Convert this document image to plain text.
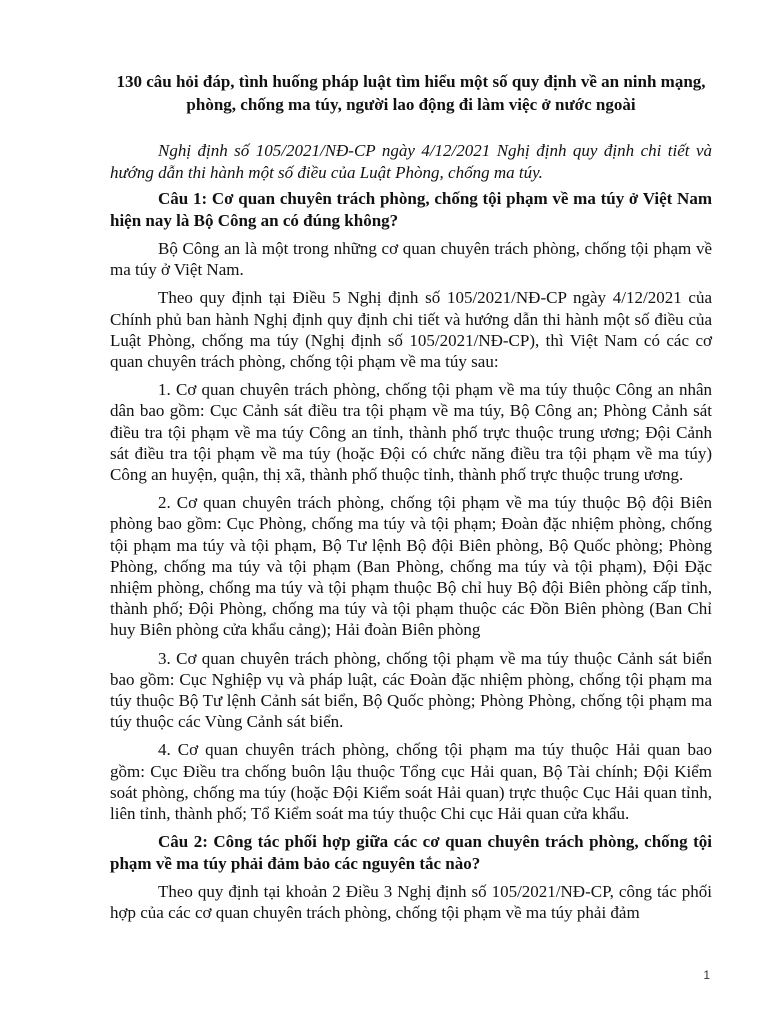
130 câu hỏi đáp, tình huống pháp luật tìm hiểu một số quy định về an ninh mạng, phòng, chống ma túy, người lao động đi làm việc ở nước ngoài
Nghị định số 105/2021/NĐ-CP ngày 4/12/2021 Nghị định quy định chi tiết và hướng dẫn thi hành một số điều của Luật Phòng, chống ma túy.
Câu 1: Cơ quan chuyên trách phòng, chống tội phạm về ma túy ở Việt Nam hiện nay là Bộ Công an có đúng không?
Bộ Công an là một trong những cơ quan chuyên trách phòng, chống tội phạm về ma túy ở Việt Nam.
Theo quy định tại Điều 5 Nghị định số 105/2021/NĐ-CP ngày 4/12/2021 của Chính phủ ban hành Nghị định quy định chi tiết và hướng dẫn thi hành một số điều của Luật Phòng, chống ma túy (Nghị định số 105/2021/NĐ-CP), thì Việt Nam có các cơ quan chuyên trách phòng, chống tội phạm về ma túy sau:
1. Cơ quan chuyên trách phòng, chống tội phạm về ma túy thuộc Công an nhân dân bao gồm: Cục Cảnh sát điều tra tội phạm về ma túy, Bộ Công an; Phòng Cảnh sát điều tra tội phạm về ma túy Công an tỉnh, thành phố trực thuộc trung ương; Đội Cảnh sát điều tra tội phạm về ma túy (hoặc Đội có chức năng điều tra tội phạm về ma túy) Công an huyện, quận, thị xã, thành phố thuộc tỉnh, thành phố trực thuộc trung ương.
2. Cơ quan chuyên trách phòng, chống tội phạm về ma túy thuộc Bộ đội Biên phòng bao gồm: Cục Phòng, chống ma túy và tội phạm; Đoàn đặc nhiệm phòng, chống tội phạm ma túy và tội phạm, Bộ Tư lệnh Bộ đội Biên phòng, Bộ Quốc phòng; Phòng Phòng, chống ma túy và tội phạm (Ban Phòng, chống ma túy và tội phạm), Đội Đặc nhiệm phòng, chống ma túy và tội phạm thuộc Bộ chỉ huy Bộ đội Biên phòng cấp tỉnh, thành phố; Đội Phòng, chống ma túy và tội phạm thuộc các Đồn Biên phòng (Ban Chỉ huy Biên phòng cửa khẩu cảng); Hải đoàn Biên phòng
3. Cơ quan chuyên trách phòng, chống tội phạm về ma túy thuộc Cảnh sát biển bao gồm: Cục Nghiệp vụ và pháp luật, các Đoàn đặc nhiệm phòng, chống tội phạm ma túy thuộc Bộ Tư lệnh Cảnh sát biển, Bộ Quốc phòng; Phòng Phòng, chống tội phạm ma túy thuộc các Vùng Cảnh sát biển.
4. Cơ quan chuyên trách phòng, chống tội phạm ma túy thuộc Hải quan bao gồm: Cục Điều tra chống buôn lậu thuộc Tổng cục Hải quan, Bộ Tài chính; Đội Kiểm soát phòng, chống ma túy (hoặc Đội Kiểm soát Hải quan) trực thuộc Cục Hải quan tỉnh, liên tỉnh, thành phố; Tổ Kiểm soát ma túy thuộc Chi cục Hải quan cửa khẩu.
Câu 2: Công tác phối hợp giữa các cơ quan chuyên trách phòng, chống tội phạm về ma túy phải đảm bảo các nguyên tắc nào?
Theo quy định tại khoản 2 Điều 3 Nghị định số 105/2021/NĐ-CP, công tác phối hợp của các cơ quan chuyên trách phòng, chống tội phạm về ma túy phải đảm
1
